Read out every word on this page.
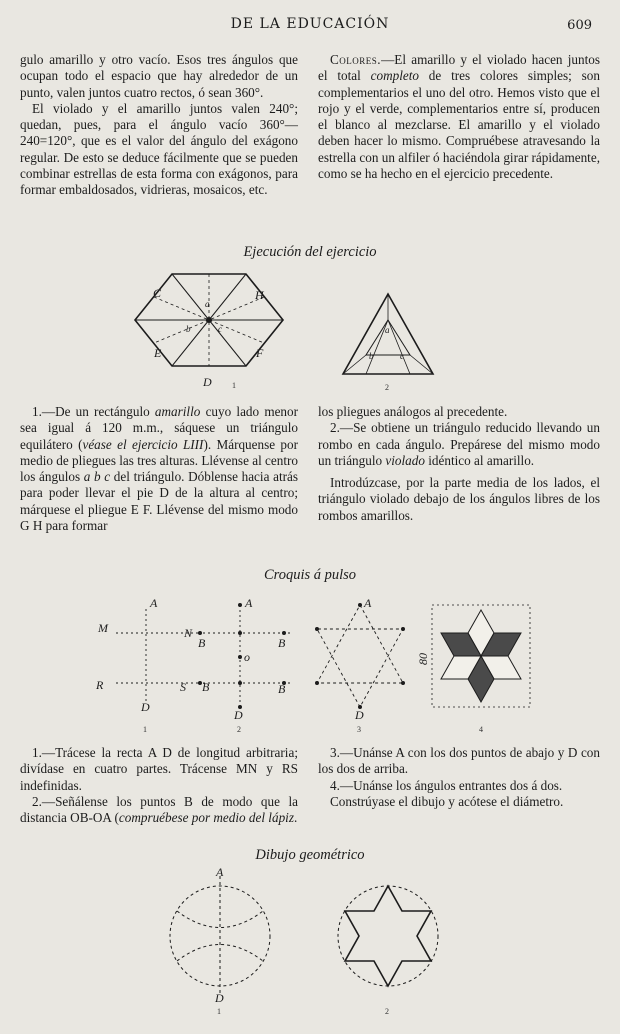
DE LA EDUCACIÓN	609

gulo amarillo y otro vacío. Esos tres ángulos que ocupan todo el espacio que hay alrededor de un punto, valen juntos cuatro rectos, ó sean 360°.

El violado y el amarillo juntos valen 240°; quedan, pues, para el ángulo vacío 360°—240=120°, que es el valor del ángulo del exágono regular. De esto se deduce fácilmente que se pueden combinar estrellas de esta forma con exágonos, para formar embaldosados, vidrieras, mosaicos, etc.

Colores.—El amarillo y el violado hacen juntos el total completo de tres colores simples; son complementarios el uno del otro. Hemos visto que el rojo y el verde, complementarios entre sí, producen el blanco al mezclarse. El amarillo y el violado deben hacer lo mismo. Compruébese atravesando la estrella con un alfiler ó haciéndola girar rápidamente, como se ha hecho en el ejercicio precedente.

Ejecución del ejercicio
C	H
E	F
D
a
b	c
1
a
b	c
2

1.—De un rectángulo amarillo cuyo lado menor sea igual á 120 m.m., sáquese un triángulo equilátero (véase el ejercicio LIII). Márquense por medio de pliegues las tres alturas. Llévense al centro los ángulos a b c del triángulo. Dóblense hacia atrás para poder llevar el pie D de la altura al centro; márquese el pliegue E F. Llévense del mismo modo G H para formar

los pliegues análogos al precedente.

2.—Se obtiene un triángulo reducido llevando un rombo en cada ángulo. Prepárese del mismo modo un triángulo violado idéntico al amarillo.

Introdúzcase, por la parte media de los lados, el triángulo violado debajo de los ángulos libres de los rombos amarillos.

Croquis á pulso
A
M
R
D
1
A
N
B	B
o
S B	B
D
2
A
D
3
80
4

1.—Trácese la recta A D de longitud arbitraria; divídase en cuatro partes. Trácense MN y RS indefinidas.

2.—Señálense los puntos B de modo que la distancia OB-OA (compruébese por medio del lápiz.

3.—Unánse A con los dos puntos de abajo y D con los dos de arriba.

4.—Unánse los ángulos entrantes dos á dos.

Constrúyase el dibujo y acótese el diámetro.

Dibujo geométrico
A
D
1	2
